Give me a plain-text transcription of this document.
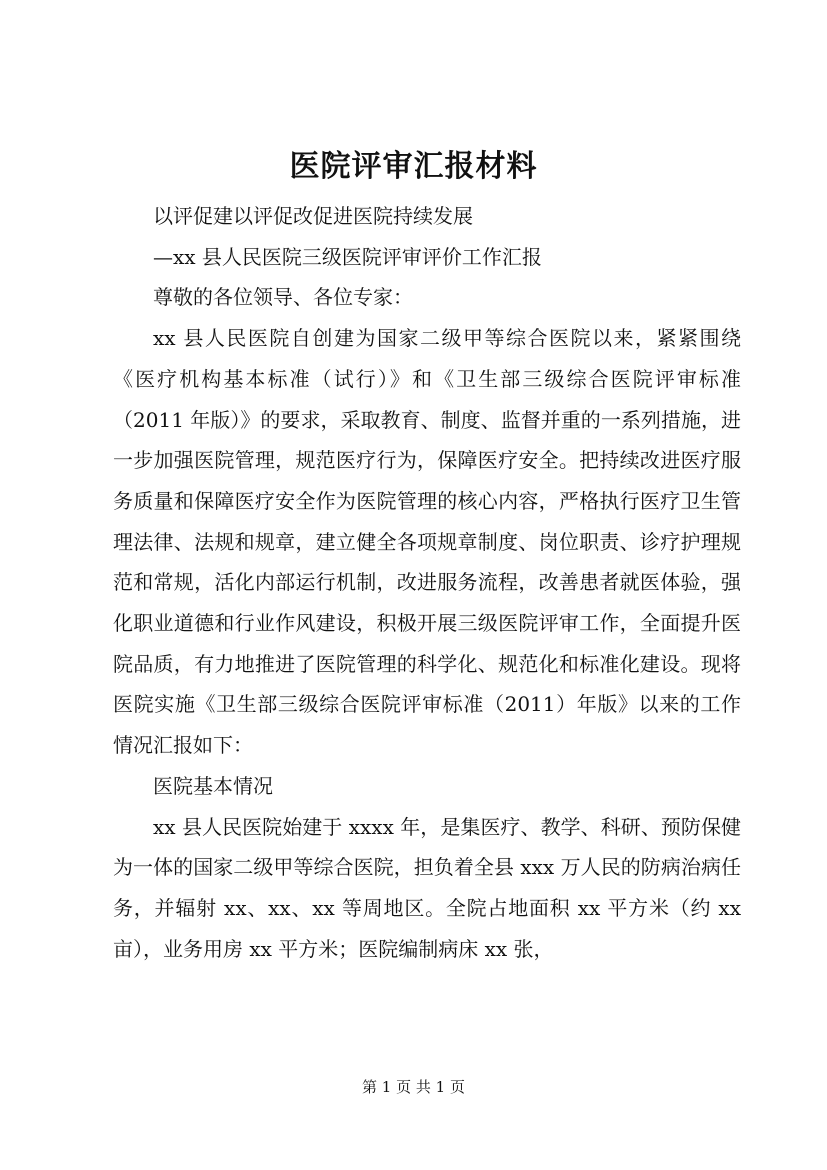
医院评审汇报材料

以评促建以评促改促进医院持续发展

—xx 县人民医院三级医院评审评价工作汇报

尊敬的各位领导、各位专家：

xx 县人民医院自创建为国家二级甲等综合医院以来，紧紧围绕《医疗机构基本标准（试行）》和《卫生部三级综合医院评审标准（2011 年版）》的要求，采取教育、制度、监督并重的一系列措施，进一步加强医院管理，规范医疗行为，保障医疗安全。把持续改进医疗服务质量和保障医疗安全作为医院管理的核心内容，严格执行医疗卫生管理法律、法规和规章，建立健全各项规章制度、岗位职责、诊疗护理规范和常规，活化内部运行机制，改进服务流程，改善患者就医体验，强化职业道德和行业作风建设，积极开展三级医院评审工作，全面提升医院品质，有力地推进了医院管理的科学化、规范化和标准化建设。现将医院实施《卫生部三级综合医院评审标准（2011）年版》以来的工作情况汇报如下：

医院基本情况

xx 县人民医院始建于 xxxx 年，是集医疗、教学、科研、预防保健为一体的国家二级甲等综合医院，担负着全县 xxx 万人民的防病治病任务，并辐射 xx、xx、xx 等周地区。全院占地面积 xx 平方米（约 xx 亩），业务用房 xx 平方米；医院编制病床 xx 张，

第 1 页 共 1 页
